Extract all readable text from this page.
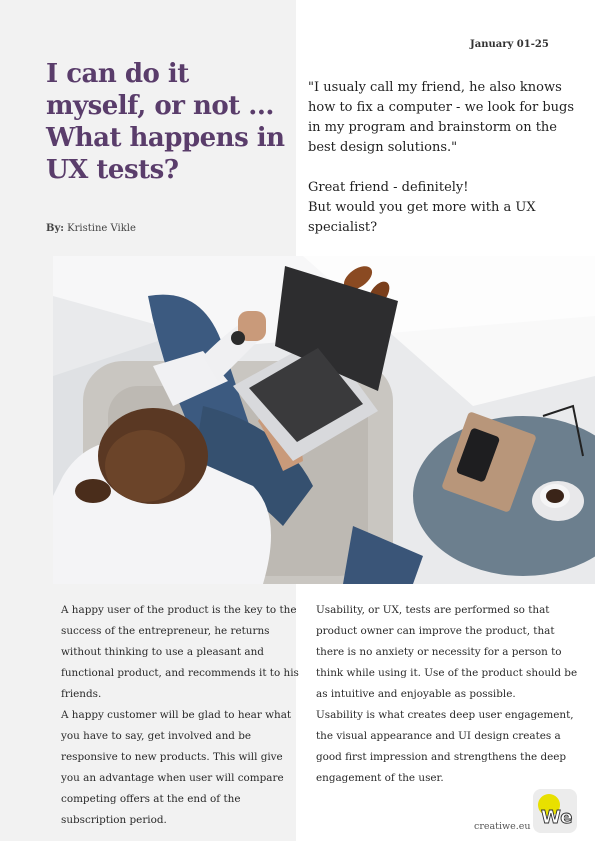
January 01-25
I can do it myself, or not ... What happens in UX tests?
By: Kristine Vikle

"I usualy call my friend, he also knows how to fix a computer - we look for bugs in my program and brainstorm on the best design solutions."

Great friend - definitely!

But would you get more with a UX specialist?

A happy user of the product is the key to the success of the entrepreneur, he returns without thinking to use a pleasant and functional product, and recommends it to his friends.

A happy customer will be glad to hear what you have to say, get involved and be responsive to new products. This will give you an advantage when user will compare competing offers at the end of the subscription period.

Usability, or UX, tests are performed so that product owner can improve the product, that there is no anxiety or necessity for a person to think while using it. Use of the product should be as intuitive and enjoyable as possible.

Usability is what creates deep user engagement, the visual appearance and UI design creates a good first impression and strengthens the deep engagement of the user.

creatiwe.eu We
